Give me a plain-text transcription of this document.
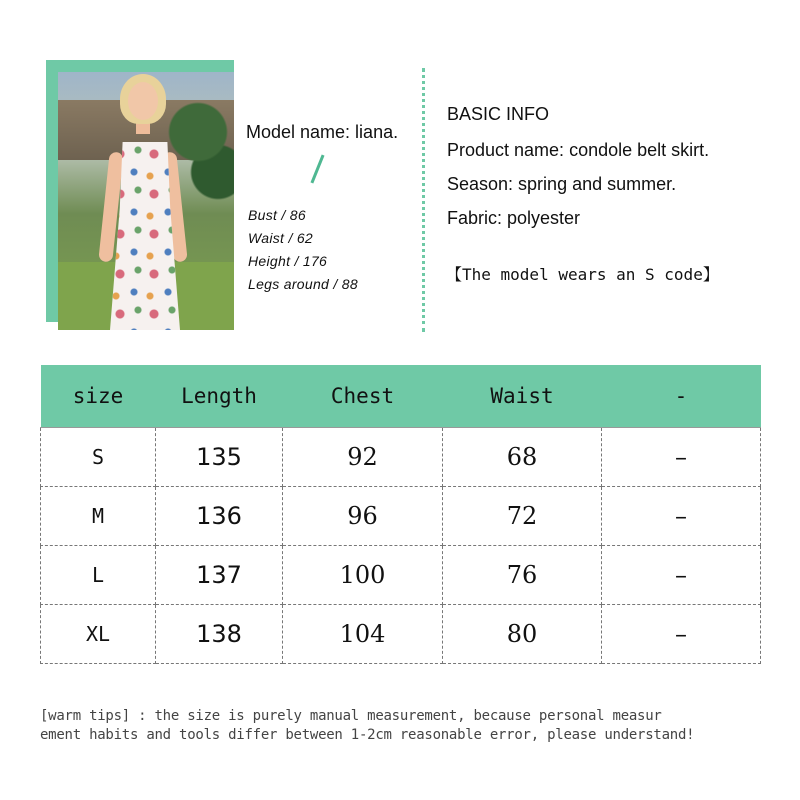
Model name: liana.
Bust / 86
Waist / 62
Height / 176
Legs around / 88
BASIC INFO
Product name: condole belt skirt.
Season: spring and summer.
Fabric: polyester
【The model wears an S code】
size	Length	Chest	Waist	-
S	135	92	68	–
M	136	96	72	–
L	137	100	76	–
XL	138	104	80	–
[warm tips] : the size is purely manual measurement, because personal measur
ement habits and tools differ between 1-2cm reasonable error, please understand!
